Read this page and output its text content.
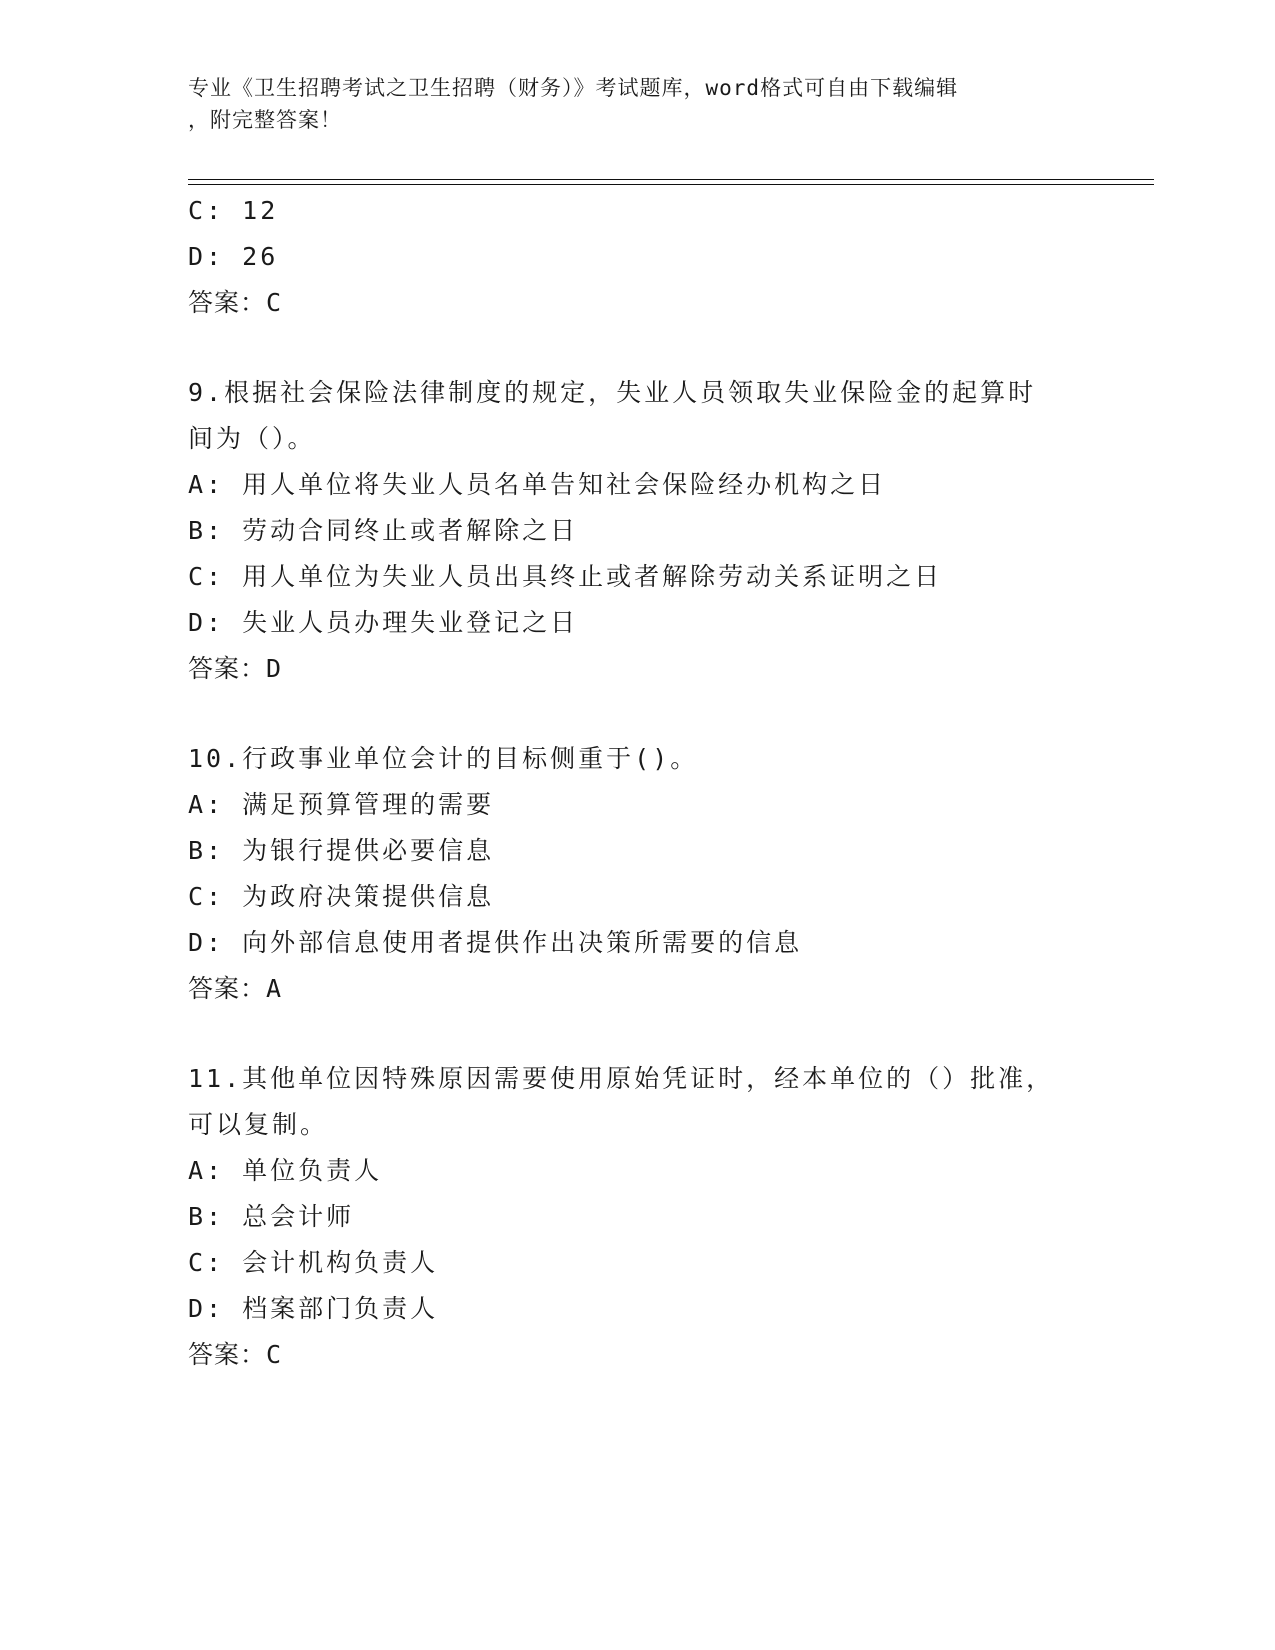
专业《卫生招聘考试之卫生招聘（财务）》考试题库，word格式可自由下载编辑
，附完整答案！
C: 12
D: 26
答案：C
9.根据社会保险法律制度的规定，失业人员领取失业保险金的起算时
间为（）。
A: 用人单位将失业人员名单告知社会保险经办机构之日
B: 劳动合同终止或者解除之日
C: 用人单位为失业人员出具终止或者解除劳动关系证明之日
D: 失业人员办理失业登记之日
答案：D
10.行政事业单位会计的目标侧重于()。
A: 满足预算管理的需要
B: 为银行提供必要信息
C: 为政府决策提供信息
D: 向外部信息使用者提供作出决策所需要的信息
答案：A
11.其他单位因特殊原因需要使用原始凭证时，经本单位的（）批准，
可以复制。
A: 单位负责人
B: 总会计师
C: 会计机构负责人
D: 档案部门负责人
答案：C
